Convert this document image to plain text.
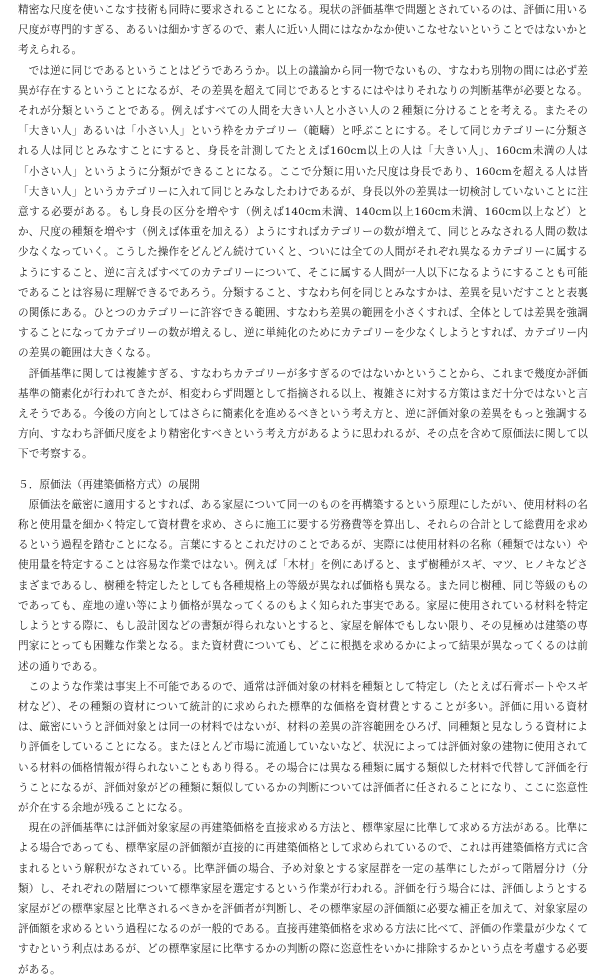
精密な尺度を使いこなす技術も同時に要求されることになる。現状の評価基準で問題とされているのは、評価に用いる尺度が専門的すぎる、あるいは細かすぎるので、素人に近い人間にはなかなか使いこなせないということではないかと考えられる。

では逆に同じであるということはどうであろうか。以上の議論から同一物でないもの、すなわち別物の間には必ず差異が存在するということになるが、その差異を超えて同じであるとするにはやはりそれなりの判断基準が必要となる。それが分類ということである。例えばすべての人間を大きい人と小さい人の２種類に分けることを考える。またその「大きい人」あるいは「小さい人」という枠をカテゴリー（範疇）と呼ぶことにする。そして同じカテゴリーに分類される人は同じとみなすことにすると、身長を計測してたとえば160cm以上の人は「大きい人」、160cm未満の人は「小さい人」というように分類ができることになる。ここで分類に用いた尺度は身長であり、160cmを超える人は皆「大きい人」というカテゴリーに入れて同じとみなしたわけであるが、身長以外の差異は一切検討していないことに注意する必要がある。もし身長の区分を増やす（例えば140cm未満、140cm以上160cm未満、160cm以上など）とか、尺度の種類を増やす（例えば体重を加える）ようにすればカテゴリーの数が増えて、同じとみなされる人間の数は少なくなっていく。こうした操作をどんどん続けていくと、ついには全ての人間がそれぞれ異なるカテゴリーに属するようにすること、逆に言えばすべてのカテゴリーについて、そこに属する人間が一人以下になるようにすることも可能であることは容易に理解できるであろう。分類すること、すなわち何を同じとみなすかは、差異を見いだすことと表裏の関係にある。ひとつのカテゴリーに許容できる範囲、すなわち差異の範囲を小さくすれば、全体としては差異を強調することになってカテゴリーの数が増えるし、逆に単純化のためにカテゴリーを少なくしようとすれば、カテゴリー内の差異の範囲は大きくなる。

評価基準に関しては複雑すぎる、すなわちカテゴリーが多すぎるのではないかということから、これまで幾度か評価基準の簡素化が行われてきたが、相変わらず問題として指摘される以上、複雑さに対する方策はまだ十分ではないと言えそうである。今後の方向としてはさらに簡素化を進めるべきという考え方と、逆に評価対象の差異をもっと強調する方向、すなわち評価尺度をより精密化すべきという考え方があるように思われるが、その点を含めて原価法に関して以下で考察する。

５．原価法（再建築価格方式）の展開

原価法を厳密に適用するとすれば、ある家屋について同一のものを再構築するという原理にしたがい、使用材料の名称と使用量を細かく特定して資材費を求め、さらに施工に要する労務費等を算出し、それらの合計として総費用を求めるという過程を踏むことになる。言葉にするとこれだけのことであるが、実際には使用材料の名称（種類ではない）や使用量を特定することは容易な作業ではない。例えば「木材」を例にあげると、まず樹種がスギ、マツ、ヒノキなどさまざまであるし、樹種を特定したとしても各種規格上の等級が異なれば価格も異なる。また同じ樹種、同じ等級のものであっても、産地の違い等により価格が異なってくるのもよく知られた事実である。家屋に使用されている材料を特定しようとする際に、もし設計図などの書類が得られないとすると、家屋を解体でもしない限り、その見極めは建築の専門家にとっても困難な作業となる。また資材費についても、どこに根拠を求めるかによって結果が異なってくるのは前述の通りである。

このような作業は事実上不可能であるので、通常は評価対象の材料を種類として特定し（たとえば石膏ボートやスギ材など）、その種類の資材について統計的に求められた標準的な価格を資材費とすることが多い。評価に用いる資材は、厳密にいうと評価対象とは同一の材料ではないが、材料の差異の許容範囲をひろげ、同種類と見なしうる資材により評価をしていることになる。またほとんど市場に流通していないなど、状況によっては評価対象の建物に使用されている材料の価格情報が得られないこともあり得る。その場合には異なる種類に属する類似した材料で代替して評価を行うことになるが、評価対象がどの種類に類似しているかの判断については評価者に任されることになり、ここに恣意性が介在する余地が残ることになる。

現在の評価基準には評価対象家屋の再建築価格を直接求める方法と、標準家屋に比準して求める方法がある。比準による場合であっても、標準家屋の評価額が直接的に再建築価格として求められているので、これは再建築価格方式に含まれるという解釈がなされている。比準評価の場合、予め対象とする家屋群を一定の基準にしたがって階層分け（分類）し、それぞれの階層について標準家屋を選定するという作業が行われる。評価を行う場合には、評価しようとする家屋がどの標準家屋と比準されるべきかを評価者が判断し、その標準家屋の評価額に必要な補正を加えて、対象家屋の評価額を求めるという過程になるのが一般的である。直接再建築価格を求める方法に比べて、評価の作業量が少なくてすむという利点はあるが、どの標準家屋に比準するかの判断の際に恣意性をいかに排除するかという点を考慮する必要がある。
